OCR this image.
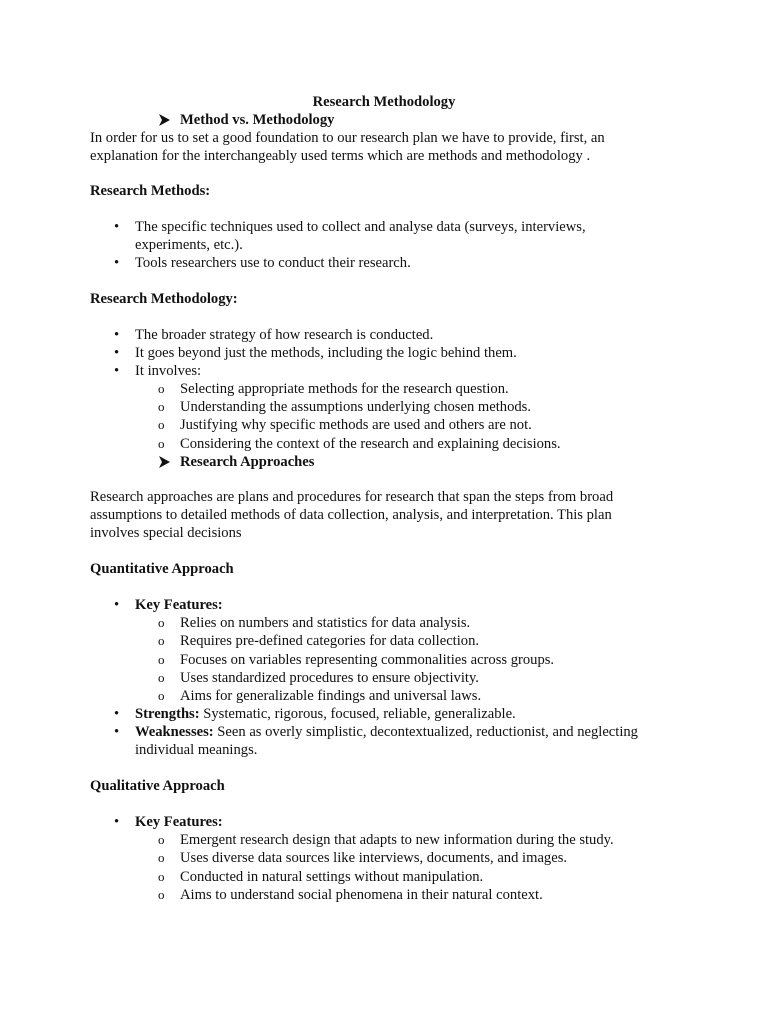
Research Methodology
Method vs. Methodology
In order for us to set a good foundation to our research plan we have to provide, first, an
explanation for the interchangeably used terms which are methods and methodology .
Research Methods:
• The specific techniques used to collect and analyse data (surveys, interviews,
experiments, etc.).
• Tools researchers use to conduct their research.
Research Methodology:
• The broader strategy of how research is conducted.
• It goes beyond just the methods, including the logic behind them.
• It involves:
o Selecting appropriate methods for the research question.
o Understanding the assumptions underlying chosen methods.
o Justifying why specific methods are used and others are not.
o Considering the context of the research and explaining decisions.
Research Approaches
Research approaches are plans and procedures for research that span the steps from broad
assumptions to detailed methods of data collection, analysis, and interpretation. This plan
involves special decisions
Quantitative Approach
• Key Features:
o Relies on numbers and statistics for data analysis.
o Requires pre-defined categories for data collection.
o Focuses on variables representing commonalities across groups.
o Uses standardized procedures to ensure objectivity.
o Aims for generalizable findings and universal laws.
• Strengths: Systematic, rigorous, focused, reliable, generalizable.
• Weaknesses: Seen as overly simplistic, decontextualized, reductionist, and neglecting
individual meanings.
Qualitative Approach
• Key Features:
o Emergent research design that adapts to new information during the study.
o Uses diverse data sources like interviews, documents, and images.
o Conducted in natural settings without manipulation.
o Aims to understand social phenomena in their natural context.
